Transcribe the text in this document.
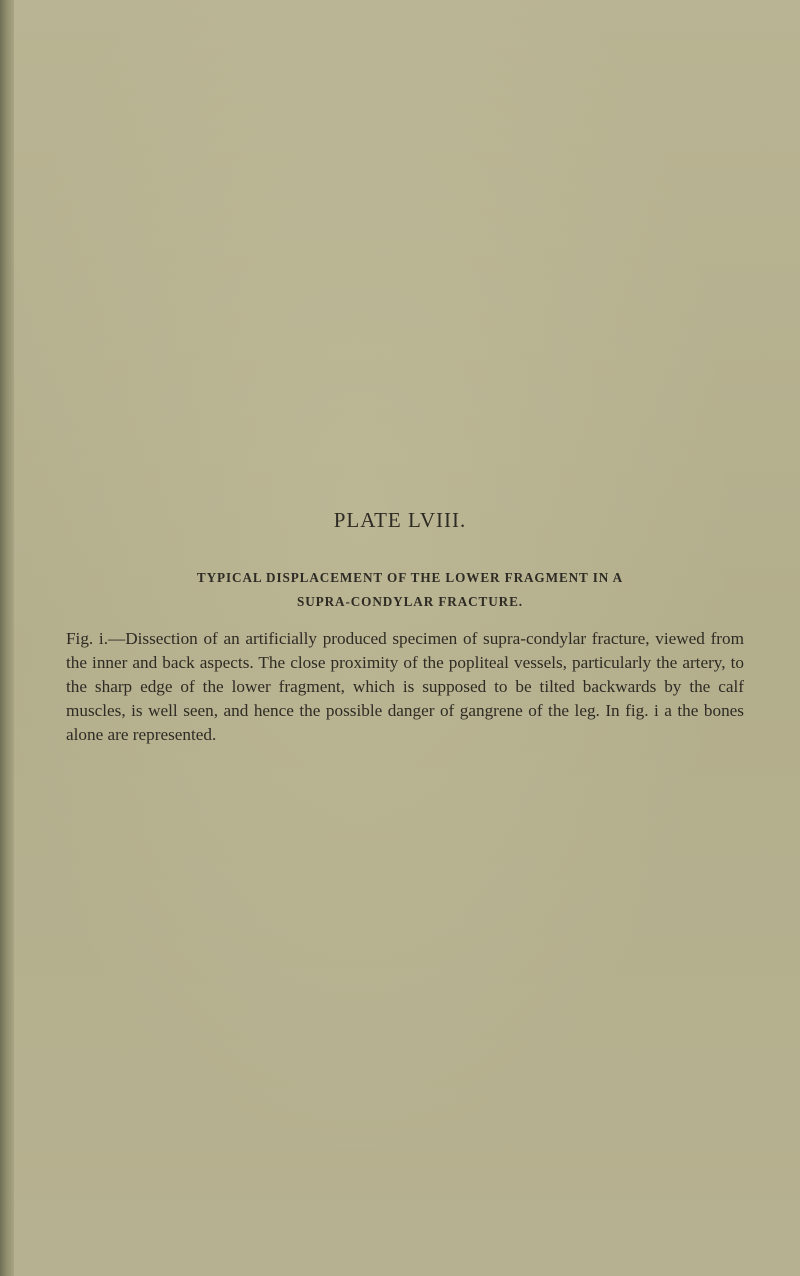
PLATE LVIII.

TYPICAL DISPLACEMENT OF THE LOWER FRAGMENT IN A

SUPRA-CONDYLAR FRACTURE.

Fig. i.—Dissection of an artificially produced specimen of supra-condylar fracture, viewed from the inner and back aspects. The close proximity of the popliteal vessels, particularly the artery, to the sharp edge of the lower fragment, which is supposed to be tilted backwards by the calf muscles, is well seen, and hence the possible danger of gangrene of the leg. In fig. i a the bones alone are represented.
